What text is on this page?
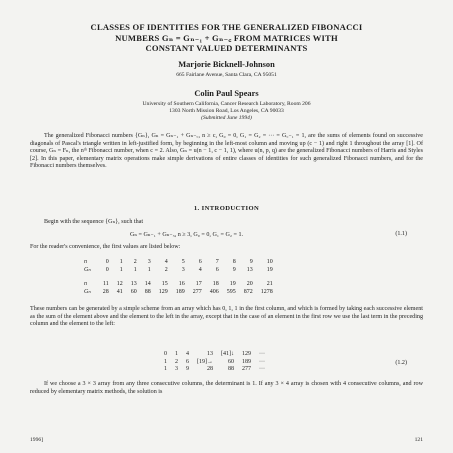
CLASSES OF IDENTITIES FOR THE GENERALIZED FIBONACCI
NUMBERS Gₙ = Gₙ₋₁ + Gₙ₋꜀ FROM MATRICES WITH
CONSTANT VALUED DETERMINANTS
Marjorie Bicknell-Johnson
665 Fairlane Avenue, Santa Clara, CA 95051
Colin Paul Spears
University of Southern California, Cancer Research Laboratory, Room 206
1303 North Mission Road, Los Angeles, CA 90033
(Submitted June 1994)
The generalized Fibonacci numbers {Gₙ}, Gₙ = Gₙ₋₁ + Gₙ₋꜀, n ≥ c, G₀ = 0, G₁ = G₂ = ··· = G꜀₋₁ = 1, are the sums of elements found on successive diagonals of Pascal's triangle written in left-justified form, by beginning in the left-most column and moving up (c − 1) and right 1 throughout the array [1]. Of course, Gₙ = Fₙ, the nᵗʰ Fibonacci number, when c = 2. Also, Gₙ = u(n − 1, c − 1, 1), where u(n, p, q) are the generalized Fibonacci numbers of Harris and Styles [2]. In this paper, elementary matrix operations make simple derivations of entire classes of identities for such generalized Fibonacci numbers, and for the Fibonacci numbers themselves.
1. INTRODUCTION
Begin with the sequence {Gₙ}, such that
Gₙ = Gₙ₋₁ + Gₙ₋₃, n ≥ 3, G₀ = 0, G₁ = G₂ = 1.	(1.1)
For the reader's convenience, the first values are listed below:
n	0	1	2	3	4	5	6	7	8	9	10
Gₙ	0	1	1	1	2	3	4	6	9	13	19

n	11	12	13	14	15	16	17	18	19	20	21
Gₙ	28	41	60	88	129	189	277	406	595	872	1278
These numbers can be generated by a simple scheme from an array which has 0, 1, 1 in the first column, and which is formed by taking each successive element as the sum of the element above and the element to the left in the array, except that in the case of an element in the first row we use the last term in the preceding column and the element to the left:
0	1	4	13	[41]↓	129	···
1	2	6	[19]→	60	189	···
1	3	9	28	88	277	···
(1.2)
If we choose a 3 × 3 array from any three consecutive columns, the determinant is 1. If any 3 × 4 array is chosen with 4 consecutive columns, and row reduced by elementary matrix methods, the solution is
1996]	121
